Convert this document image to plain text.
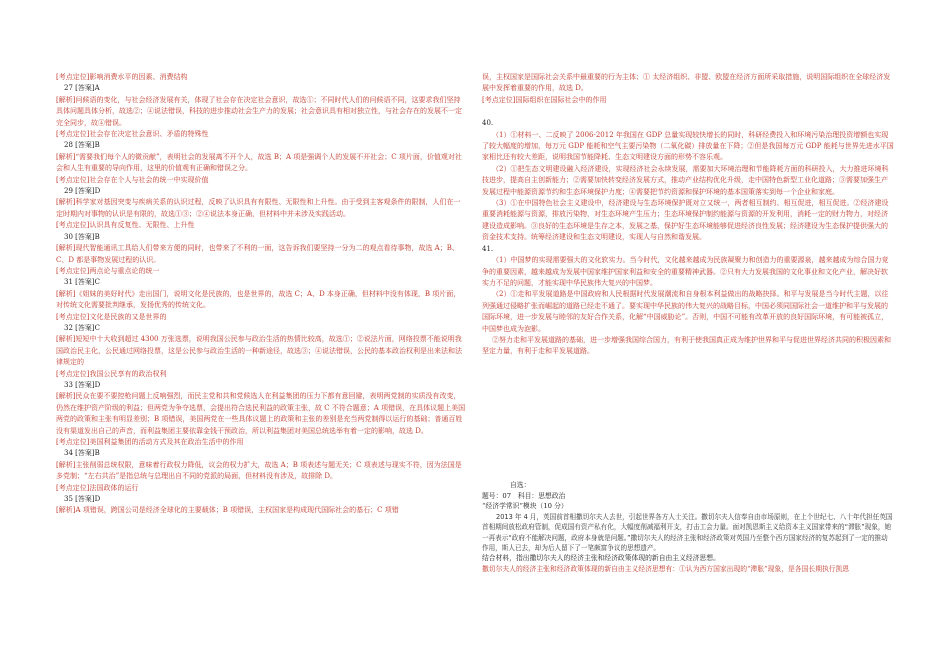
[考点定位]影响消费水平的因素、消费结构
27 [答案]A
[解析]问候语的变化，与社会经济发展有关，体现了社会存在决定社会意识，故选①；不同时代人们的问候语不同，这要求我们坚持具体问题具体分析，故选②；④说法错误，科技的进步推动社会生产力的发展；社会意识具有相对独立性，与社会存在的发展不一定完全同步，故④错误。
[考点定位]社会存在决定社会意识、矛盾的特殊性
28 [答案]B
[解析]“需要我们每个人的微贡献”，表明社会的发展离不开个人，故选 B；A 项是强调个人的发展不开社会；C 项片面，价值观对社会和人生有重要的导向作用，这里的价值观有正确和错误之分。
[考点定位]社会存在个人与社会的统一中实现价值
29 [答案]D
[解析]科学家对基因突变与疾病关系的认识过程，反映了认识具有有限性、无限性和上升性。由于受到主客观条件的限制，人们在一定时期内对事物的认识是有限的，故选①③；②④说法本身正确，但材料中并未涉及实践活动。
[考点定位]认识具有反复性、无限性、上升性
30 [答案]B
[解析]现代智能通讯工具给人们带来方便的同时，也带来了不利的一面，这告诉我们要坚持一分为二的观点看待事物，故选 A；B、C、D 都是事物发展过程的认识。
[考点定位]两点论与重点论的统一
31 [答案]C
[解析]《姐妹的美好时代》走出国门，说明文化是民族的，也是世界的，故选 C；A、D 本身正确，但材料中没有体现，B 项片面，对传统文化需要批判继承，发扬优秀的传统文化。
[考点定位]文化是民族的又是世界的
32 [答案]C
[解析]短短中十大收到超过 4300 万张选票，说明我国公民参与政治生活的热情比较高，故选①；②说法片面，网络投票不能说明我国政治民主化，公民通过网络投票，这是公民参与政治生活的一种新途径，故选③；④说法错误，公民的基本政治权利是出来法和法律规定的
[考点定位]我国公民享有的政治权利
33 [答案]D
[解析]民众在要不要控枪问题上反响强烈，而民主党和共和党候选人在利益集团的压力下都有意回避，表明两党制的实质没有改变，仍然在维护资产阶级的利益；但两党为争夺选票，会提出符合选民利益的政策主张，故 C 不符合题意；A 项错误，在具体议题上美国两党的政策和主张有明显差别；B 项错误，美国两党在一些具体议题上的政策和主张的差别是充当两党制得以运行的基础；普通百姓没有渠道发出自己的声音，而利益集团主要依靠金钱干预政治，所以利益集团对美国总统选举有着一定的影响，故选 D。
[考点定位]美国利益集团的活动方式及其在政治生活中的作用
34 [答案]B
[解析]主张削弱总统权限，意味着行政权力降低，议会的权力扩大，故选 A；B 项表述与题无关；C 项表述与现实不符，因为法国是多党制；“左右共治”是指总统与总理出自不同的党派的局面，但材料没有涉及，故排除 D。
[考点定位]法国政体的运行
35 [答案]D
[解析]A 项错误，跨国公司是经济全球化的主要载体；B 项错误，主权国家是构成现代国际社会的基石；C 项错
误，主权国家是国际社会关系中最重要的行为主体；① 太经济组织、非盟、欧盟在经济方面所采取措施，说明国际组织在全球经济发展中发挥着重要的作用，故选 D。
[考点定位]国际组织在国际社会中的作用
40.
（1）①材料一、二反映了 2006-2012 年我国在 GDP 总量实现较快增长的同时，科研经费投入和环境污染治理投资增额也实现了较大幅度的增加，每万元 GDP 能耗和空气主要污染物（二氧化碳）排放量在下降；②但是我国每万元 GDP 能耗与世界先进水平国家相比还有较大差距，说明我国节能降耗、生态文明建设方面的形势不容乐观。
（2）①把生态文明建设融入经济建设，实现经济社会永续发展，需要加大环境治理和节能降耗方面的科研投入，大力推进环境科技进步，提高自主创新能力；②需要加快转变经济发展方式，推动产业结构优化升级，走中国特色新型工业化道路；③需要加强生产发展过程中能源资源节约和生态环境保护力度；④需要把节约资源和保护环境的基本国策落实到每一个企业和家庭。
（3）①在中国特色社会主义建设中，经济建设与生态环境保护既对立又统一，两者相互制约、相互促进，相互促进。②经济建设重要消耗能源与资源，排放污染物，对生态环境产生压力；生态环境保护制约能源与资源的开发利用，消耗一定的财力物力，对经济建设造成影响。③良好的生态环境是生存之本，发展之基，保护好生态环境能够促进经济良性发展；经济建设为生态保护提供强大的资金技术支持。统筹经济建设和生态文明建设，实现人与自然和谐发展。
41.
（1）中国梦的实现需要强大的文化软实力。当今时代，文化越来越成为民族凝聚力和创造力的重要源泉，越来越成为综合国力竞争的重要因素，越来越成为发展中国家维护国家利益和安全的重要精神武器。②只有大力发展我国的文化事业和文化产业，解决好软实力不足的问题，才能实现中华民族伟大复兴的中国梦。
（2）①走和平发展道路是中国政府和人民根据时代发展潮流和自身根本利益做出的战略抉择。和平与发展是当今时代主题，以往列强通过侵略扩张而崛起的道路已经走不通了。要实现中华民族的伟大复兴的战略目标，中国必须同国际社会一道维护和平与发展的国际环境，进一步发展与睦邻的友好合作关系，化解“中国威胁论”。否则，中国不可能有改革开放的良好国际环境，有可能被孤立，中国梦也成为泡影。
②努力走和平发展道路的基础，进一步增强我国综合国力，有利于使我国真正成为维护世界和平与促进世界经济共同的积极因素和坚定力量，有利于走和平发展道路。
自选：
题号：07　科目：思想政治
“经济学常识”模块（10 分）
2013 年 4 月，英国前首相撒切尔夫人去世，引起世界各方人士关注。撒切尔夫人信奉自由市场原则，在上个世纪七、八十年代担任英国首相期间放松政府管制，促成国有资产私有化，大幅度削减福利开支，打击工会力量。面对凯恩斯主义给资本主义国家带来的“滞胀”现象，她一再表示“政府不能解决问题，政府本身就是问题。”撒切尔夫人的经济主张和经济政策对英国乃至整个西方国家经济的复苏起到了一定的推动作用，斯人已去，却为后人留下了一笔颇富争议的思想遗产。
结合材料，指出撒切尔夫人的经济主张和经济政策体现的新自由主义经济思想。
撒切尔夫人的经济主张和经济政策体现的新自由主义经济思想有：①认为西方国家出现的“滞胀”现象，是各国长期执行凯恩
